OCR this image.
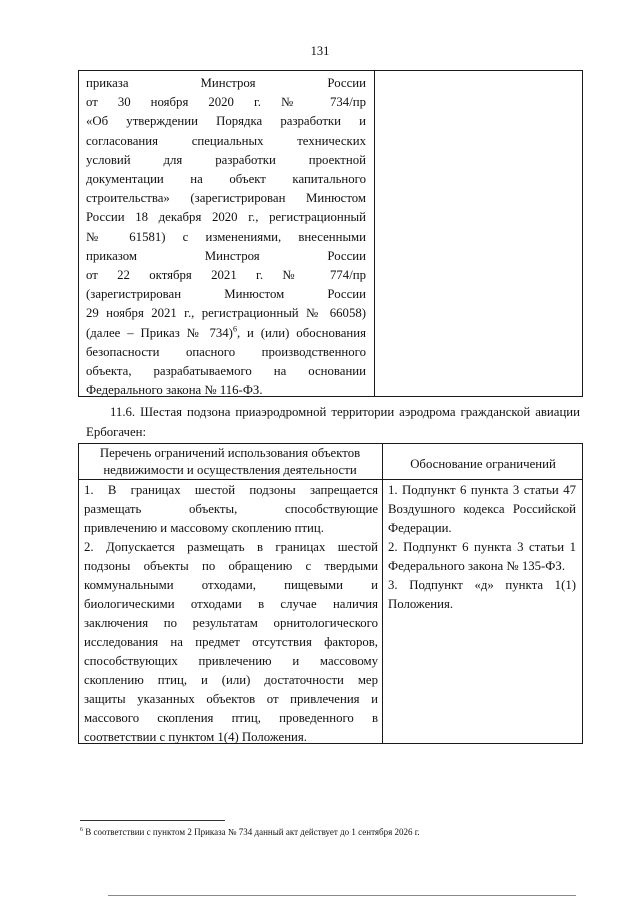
131
приказа Минстроя России
от 30 ноября 2020 г. № 734/пр
«Об утверждении Порядка разработки и
согласования специальных технических
условий для разработки проектной
документации на объект капитального
строительства» (зарегистрирован Минюстом
России 18 декабря 2020 г., регистрационный
№ 61581) с изменениями, внесенными
приказом Минстроя России
от 22 октября 2021 г. № 774/пр
(зарегистрирован Минюстом России
29 ноября 2021 г., регистрационный № 66058)
(далее – Приказ № 734)$^6$, и (или) обоснования
безопасности опасного производственного
объекта, разрабатываемого на основании
Федерального закона № 116-ФЗ.
11.6. Шестая подзона приаэродромной территории аэродрома гражданской авиации Ербогачен:
Перечень ограничений использования объектов
недвижимости и осуществления деятельности	Обоснование ограничений
1. В границах шестой подзоны запрещается
размещать объекты, способствующие
привлечению и массовому скоплению птиц.
2. Допускается размещать в границах шестой
подзоны объекты по обращению с твердыми
коммунальными отходами, пищевыми и
биологическими отходами в случае наличия
заключения по результатам орнитологического
исследования на предмет отсутствия факторов,
способствующих привлечению и массовому
скоплению птиц, и (или) достаточности мер
защиты указанных объектов от привлечения и
массового скопления птиц, проведенного в
соответствии с пунктом 1(4) Положения.
1. Подпункт 6 пункта 3 статьи 47
Воздушного кодекса Российской
Федерации.
2. Подпункт 6 пункта 3 статьи 1
Федерального закона № 135-ФЗ.
3. Подпункт «д» пункта 1(1)
Положения.
$^6$ В соответствии с пунктом 2 Приказа № 734 данный акт действует до 1 сентября 2026 г.
